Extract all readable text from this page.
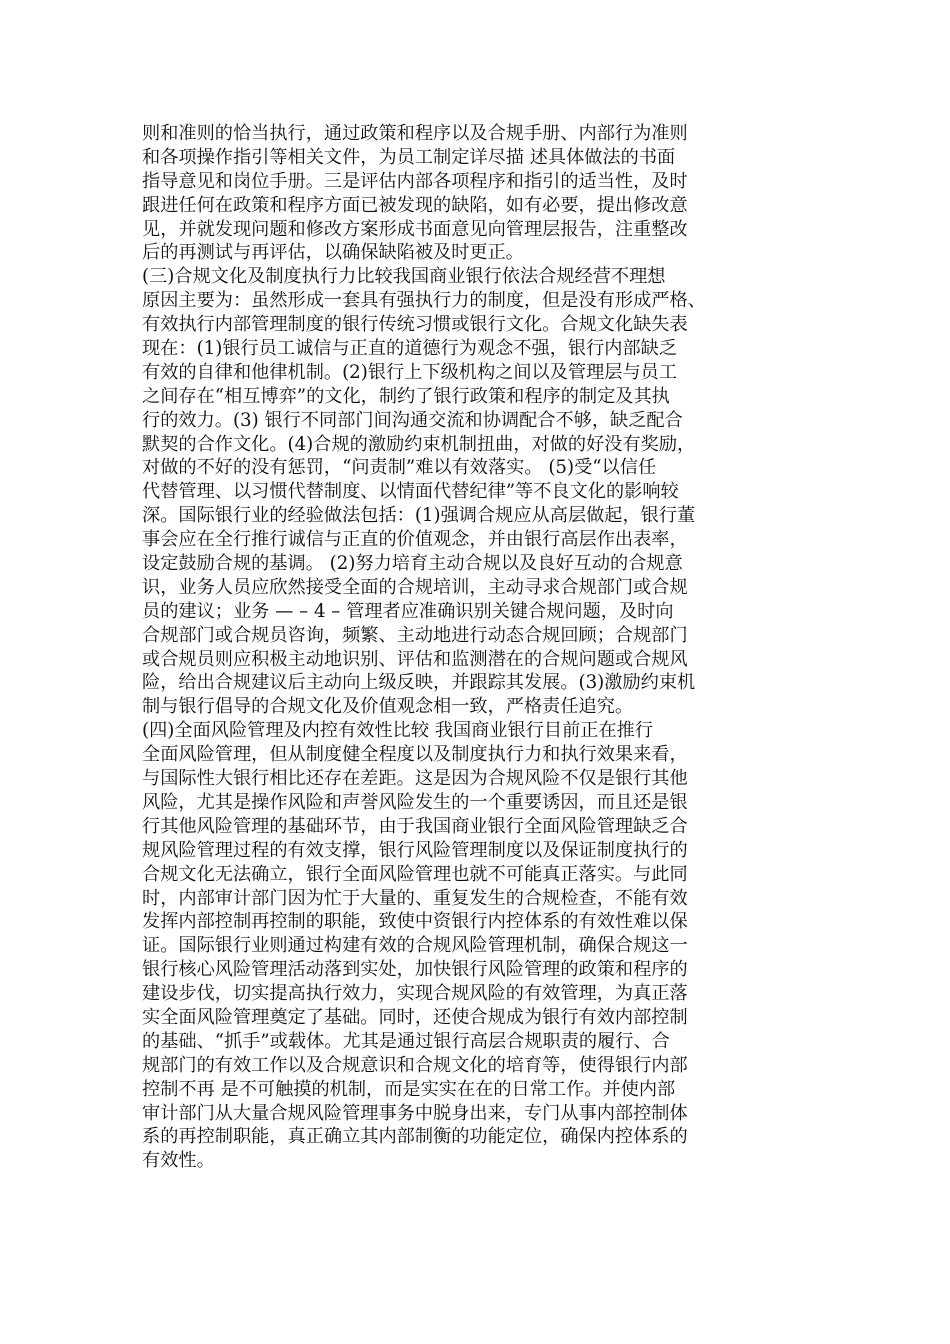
则和准则的恰当执行，通过政策和程序以及合规手册、内部行为准则
和各项操作指引等相关文件，为员工制定详尽描 述具体做法的书面
指导意见和岗位手册。三是评估内部各项程序和指引的适当性，及时
跟进任何在政策和程序方面已被发现的缺陷，如有必要，提出修改意
见，并就发现问题和修改方案形成书面意见向管理层报告，注重整改
后的再测试与再评估，以确保缺陷被及时更正。
(三)合规文化及制度执行力比较我国商业银行依法合规经营不理想
原因主要为：虽然形成一套具有强执行力的制度，但是没有形成严格、
有效执行内部管理制度的银行传统习惯或银行文化。合规文化缺失表
现在：(1)银行员工诚信与正直的道德行为观念不强，银行内部缺乏
有效的自律和他律机制。(2)银行上下级机构之间以及管理层与员工
之间存在“相互博弈”的文化，制约了银行政策和程序的制定及其执
行的效力。(3) 银行不同部门间沟通交流和协调配合不够，缺乏配合
默契的合作文化。(4)合规的激励约束机制扭曲，对做的好没有奖励，
对做的不好的没有惩罚，“问责制”难以有效落实。 (5)受“以信任
代替管理、以习惯代替制度、以情面代替纪律”等不良文化的影响较
深。国际银行业的经验做法包括：(1)强调合规应从高层做起，银行董
事会应在全行推行诚信与正直的价值观念，并由银行高层作出表率，
设定鼓励合规的基调。 (2)努力培育主动合规以及良好互动的合规意
识，业务人员应欣然接受全面的合规培训，主动寻求合规部门或合规
员的建议；业务 — – 4 – 管理者应准确识别关键合规问题，及时向
合规部门或合规员咨询，频繁、主动地进行动态合规回顾；合规部门
或合规员则应积极主动地识别、评估和监测潜在的合规问题或合规风
险，给出合规建议后主动向上级反映，并跟踪其发展。(3)激励约束机
制与银行倡导的合规文化及价值观念相一致，严格责任追究。
(四)全面风险管理及内控有效性比较 我国商业银行目前正在推行
全面风险管理，但从制度健全程度以及制度执行力和执行效果来看，
与国际性大银行相比还存在差距。这是因为合规风险不仅是银行其他
风险，尤其是操作风险和声誉风险发生的一个重要诱因，而且还是银
行其他风险管理的基础环节，由于我国商业银行全面风险管理缺乏合
规风险管理过程的有效支撑，银行风险管理制度以及保证制度执行的
合规文化无法确立，银行全面风险管理也就不可能真正落实。与此同
时，内部审计部门因为忙于大量的、重复发生的合规检查，不能有效
发挥内部控制再控制的职能，致使中资银行内控体系的有效性难以保
证。国际银行业则通过构建有效的合规风险管理机制，确保合规这一
银行核心风险管理活动落到实处，加快银行风险管理的政策和程序的
建设步伐，切实提高执行效力，实现合规风险的有效管理，为真正落
实全面风险管理奠定了基础。同时，还使合规成为银行有效内部控制
的基础、“抓手”或载体。尤其是通过银行高层合规职责的履行、合
规部门的有效工作以及合规意识和合规文化的培育等，使得银行内部
控制不再 是不可触摸的机制，而是实实在在的日常工作。并使内部
审计部门从大量合规风险管理事务中脱身出来，专门从事内部控制体
系的再控制职能，真正确立其内部制衡的功能定位，确保内控体系的
有效性。
